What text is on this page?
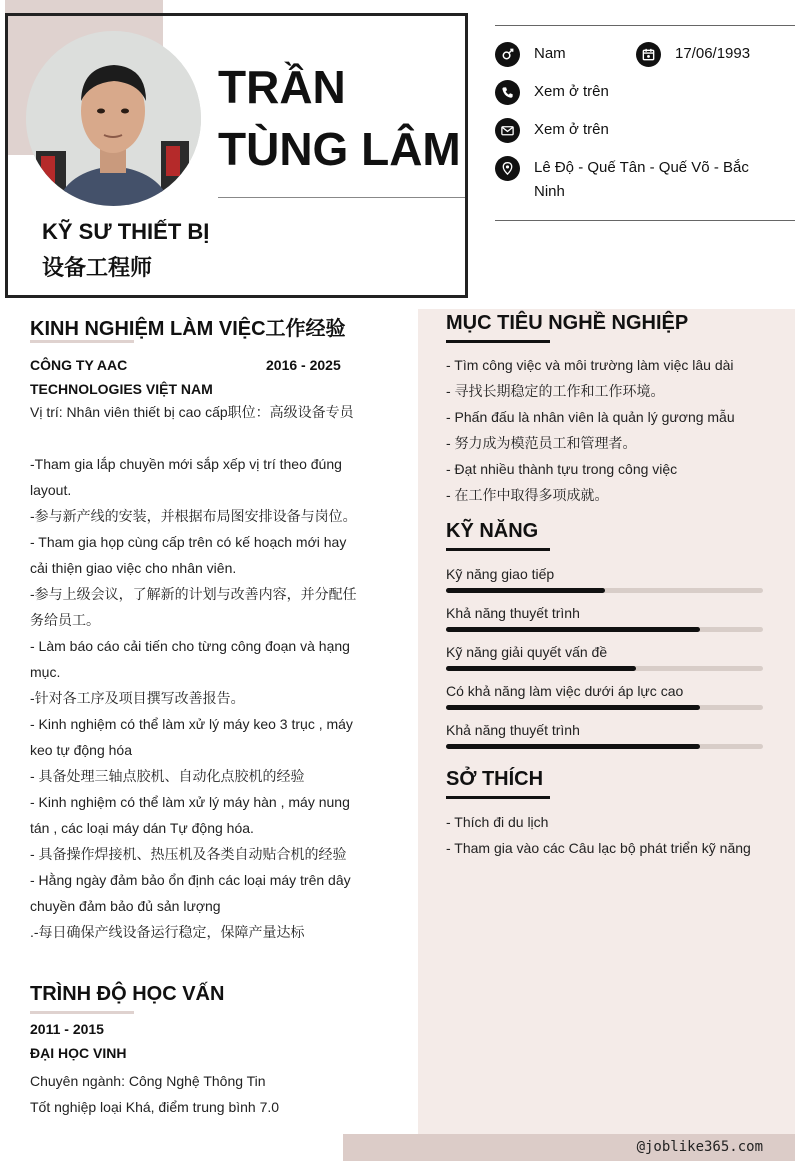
TRẦN
TÙNG LÂM
KỸ SƯ THIẾT BỊ
设备工程师
Nam	17/06/1993
Xem ở trên
Xem ở trên
Lê Độ - Quế Tân - Quế Võ - Bắc Ninh
KINH NGHIỆM LÀM VIỆC工作经验
CÔNG TY AAC TECHNOLOGIES VIỆT NAM
2016 - 2025

Vị trí: Nhân viên thiết bị cao cấp职位：高级设备专员

-Tham gia lắp chuyền mới sắp xếp vị trí theo đúng layout.

-参与新产线的安装，并根据布局图安排设备与岗位。

- Tham gia họp cùng cấp trên có kế hoạch mới hay cải thiện giao việc cho nhân viên.

-参与上级会议，了解新的计划与改善内容，并分配任务给员工。

- Làm báo cáo cải tiến cho từng công đoạn và hạng mục.

-针对各工序及项目撰写改善报告。

- Kinh nghiệm có thể làm xử lý máy keo 3 trục , máy keo tự động hóa

- 具备处理三轴点胶机、自动化点胶机的经验

- Kinh nghiệm có thể làm xử lý máy hàn , máy nung tán , các loại máy dán Tự động hóa.

- 具备操作焊接机、热压机及各类自动贴合机的经验

- Hằng ngày đảm bảo ổn định các loại máy trên dây chuyền đảm bảo đủ sản lượng

.-每日确保产线设备运行稳定，保障产量达标

TRÌNH ĐỘ HỌC VẤN
2011 - 2015
ĐẠI HỌC VINH
Chuyên ngành: Công Nghệ Thông Tin
Tốt nghiệp loại Khá, điểm trung bình 7.0
MỤC TIÊU NGHỀ NGHIỆP

- Tìm công việc và môi trường làm việc lâu dài

- 寻找长期稳定的工作和工作环境。

- Phấn đấu là nhân viên là quản lý gương mẫu

- 努力成为模范员工和管理者。

- Đạt nhiều thành tựu trong công việc

- 在工作中取得多项成就。

KỸ NĂNG
Kỹ năng giao tiếp
Khả năng thuyết trình
Kỹ năng giải quyết vấn đề
Có khả năng làm việc dưới áp lực cao
Khả năng thuyết trình
SỞ THÍCH

- Thích đi du lịch

- Tham gia vào các Câu lạc bộ phát triển kỹ năng

@joblike365.com
